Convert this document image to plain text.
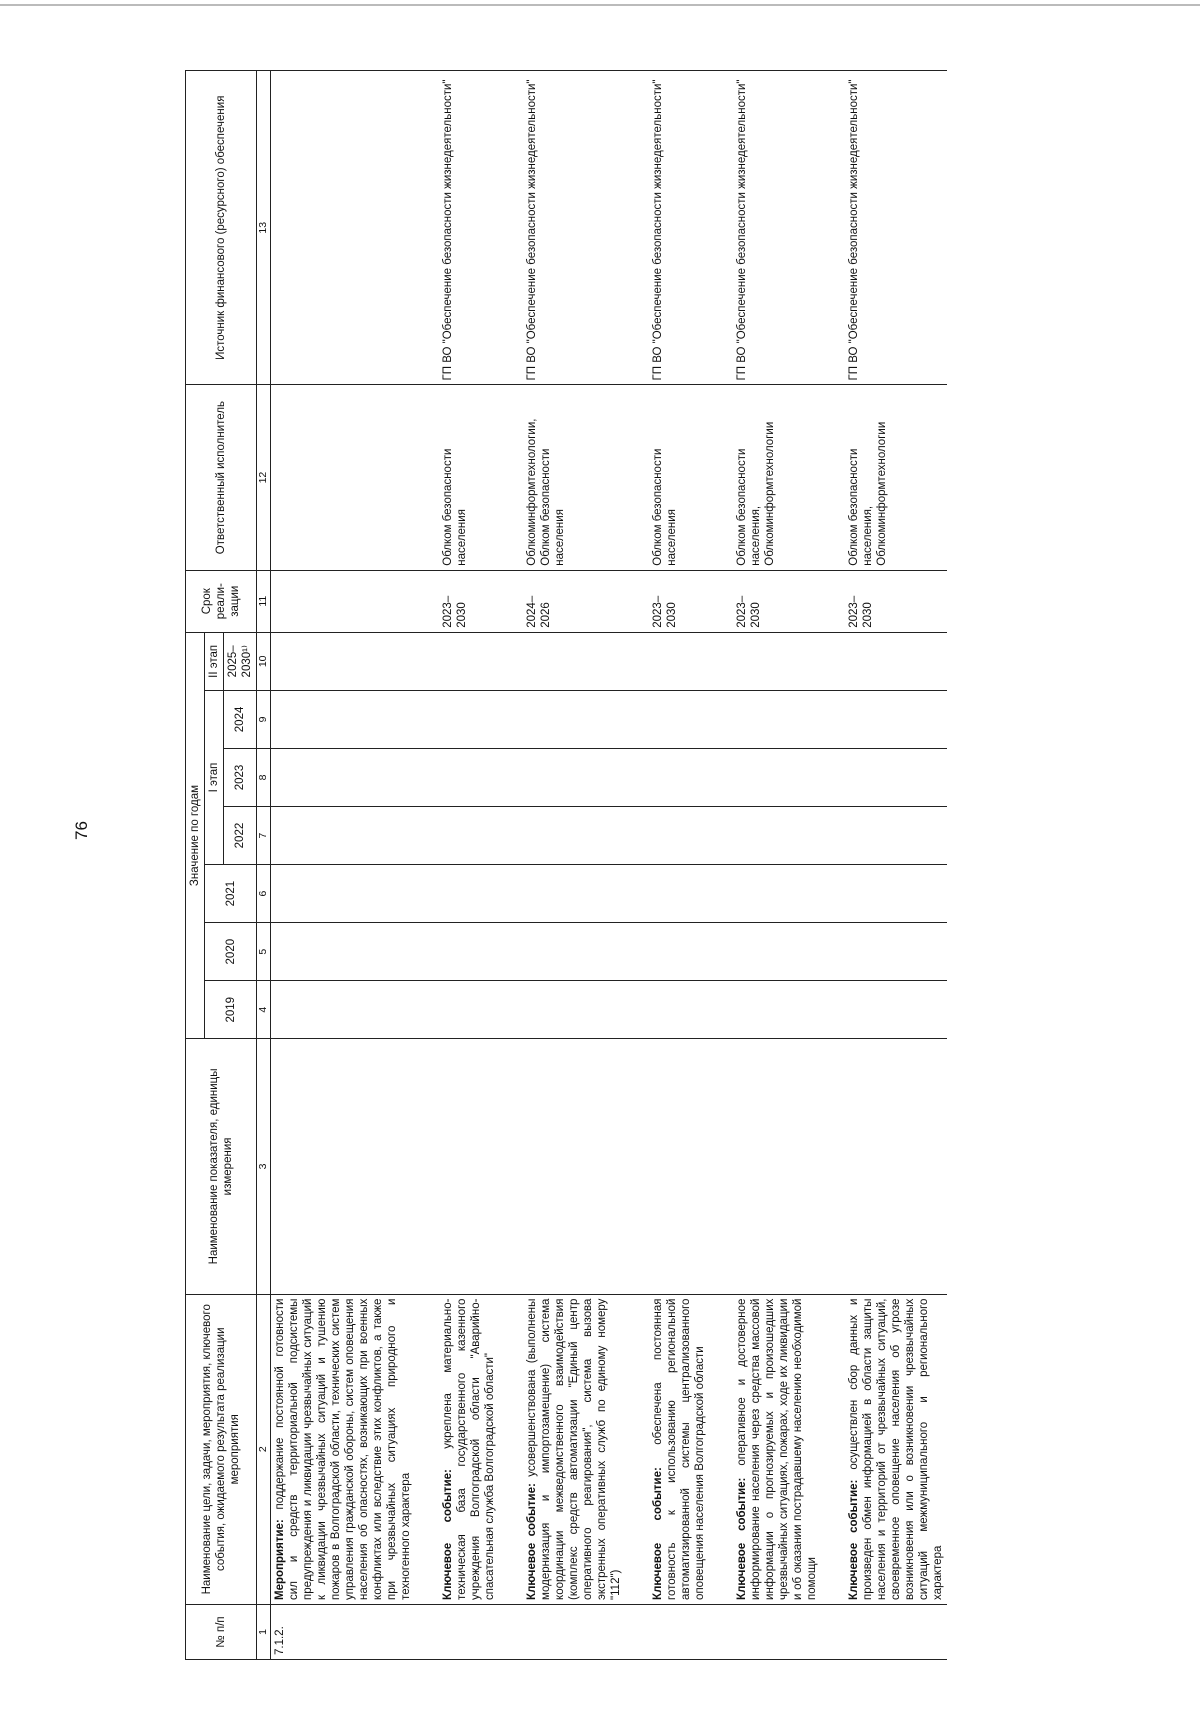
76
№ п/п	Наименование цели, задачи, мероприятия, ключевого события, ожидаемого результата реализации мероприятия	Наименование показателя, единицы измерения	Значение по годам							Срок реали-зации	Ответственный исполнитель	Источник финансового (ресурсного) обеспечения
			2019	2020	2021	I этап			II этап			
						2022	2023	2024	2025–2030¹⁾			
1	2	3	4	5	6	7	8	9	10	11	12	13
7.1.2.	Мероприятие: поддержание постоянной готовности сил и средств территориальной подсистемы предупреждения и ликвидации чрезвычайных ситуаций к ликвидации чрезвычайных ситуаций и тушению пожаров в Волгоградской области, технических систем управления гражданской обороны, систем оповещения населения об опасностях, возникающих при военных конфликтах или вследствие этих конфликтов, а также при чрезвычайных ситуациях природного и техногенного характера											
	Ключевое событие: укреплена материально-техническая база государственного казенного учреждения Волгоградской области "Аварийно-спасательная служба Волгоградской области"									2023–2030	Облком безопасности населения	ГП ВО "Обеспечение безопасности жизнедеятельности"
	Ключевое событие: усовершенствована (выполнены модернизация и импортозамещение) система координации межведомственного взаимодействия (комплекс средств автоматизации "Единый центр оперативного реагирования", система вызова экстренных оперативных служб по единому номеру "112")									2024–2026	Облкоминформтехнологии, Облком безопасности населения	ГП ВО "Обеспечение безопасности жизнедеятельности"
	Ключевое событие: обеспечена постоянная готовность к использованию региональной автоматизированной системы централизованного оповещения населения Волгоградской области									2023–2030	Облком безопасности населения	ГП ВО "Обеспечение безопасности жизнедеятельности"
	Ключевое событие: оперативное и достоверное информирование населения через средства массовой информации о прогнозируемых и произошедших чрезвычайных ситуациях, пожарах, ходе их ликвидации и об оказании пострадавшему населению необходимой помощи									2023–2030	Облком безопасности населения, Облкоминформтехнологии	ГП ВО "Обеспечение безопасности жизнедеятельности"
	Ключевое событие: осуществлен сбор данных и произведен обмен информацией в области защиты населения и территорий от чрезвычайных ситуаций, своевременное оповещение населения об угрозе возникновения или о возникновении чрезвычайных ситуаций межмуниципального и регионального характера									2023–2030	Облком безопасности населения, Облкоминформтехнологии	ГП ВО "Обеспечение безопасности жизнедеятельности"
